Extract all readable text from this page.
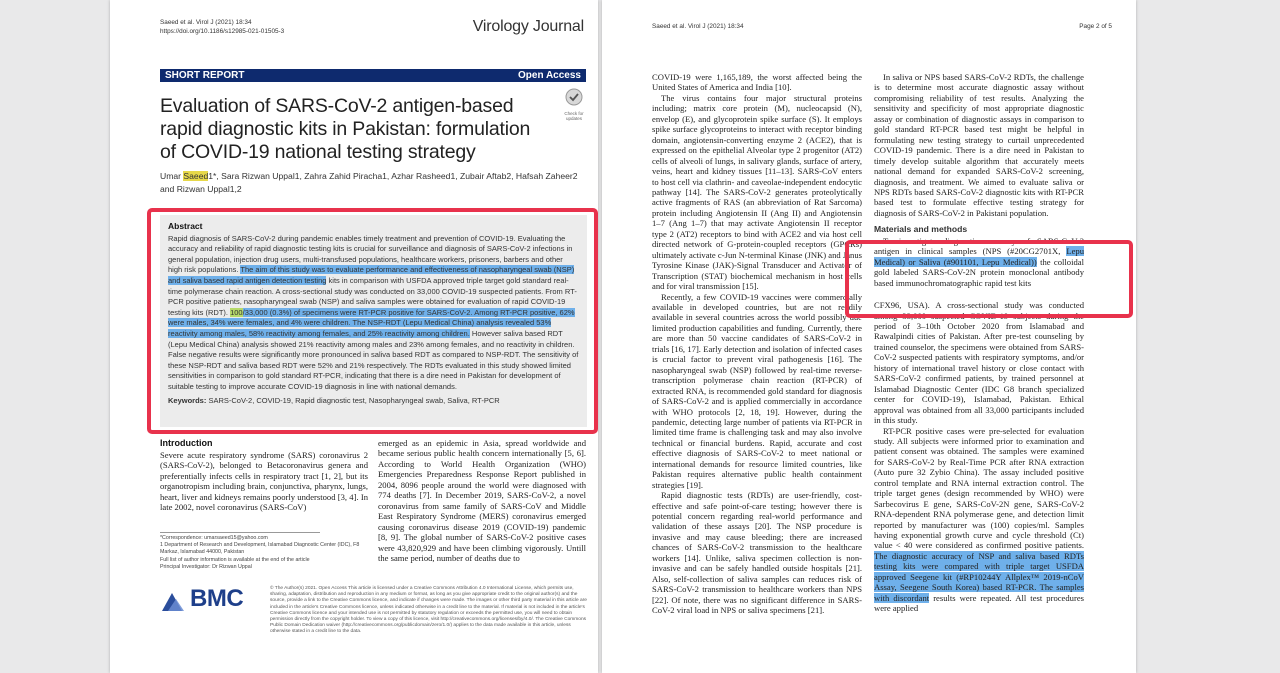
Saeed et al. Virol J (2021) 18:34
https://doi.org/10.1186/s12985-021-01505-3	Virology Journal
SHORT REPORT	Open Access
Check for updates
Evaluation of SARS-CoV-2 antigen-based rapid diagnostic kits in Pakistan: formulation of COVID-19 national testing strategy
Umar Saeed1*, Sara Rizwan Uppal1, Zahra Zahid Piracha1, Azhar Rasheed1, Zubair Aftab2, Hafsah Zaheer2 and Rizwan Uppal1,2
Abstract
Rapid diagnosis of SARS-CoV-2 during pandemic enables timely treatment and prevention of COVID-19. Evaluating the accuracy and reliability of rapid diagnostic testing kits is crucial for surveillance and diagnosis of SARS-CoV-2 infections in general population, injection drug users, multi-transfused populations, healthcare workers, prisoners, barbers and other high risk populations. The aim of this study was to evaluate performance and effectiveness of nasopharyngeal swab (NSP) and saliva based rapid antigen detection testing kits in comparison with USFDA approved triple target gold standard real-time polymerase chain reaction. A cross-sectional study was conducted on 33,000 COVID-19 suspected patients. From RT-PCR positive patients, nasopharyngeal swab (NSP) and saliva samples were obtained for evaluation of rapid COVID-19 testing kits (RDT). 100/33,000 (0.3%) of specimens were RT-PCR positive for SARS-CoV-2. Among RT-PCR positive, 62% were males, 34% were females, and 4% were children. The NSP-RDT (Lepu Medical China) analysis revealed 53% reactivity among males, 58% reactivity among females, and 25% reactivity among children. However saliva based RDT (Lepu Medical China) analysis showed 21% reactivity among males and 23% among females, and no reactivity in children. False negative results were significantly more pronounced in saliva based RDT as compared to NSP-RDT. The sensitivity of these NSP-RDT and saliva based RDT were 52% and 21% respectively. The RDTs evaluated in this study showed limited sensitivities in comparison to gold standard RT-PCR, indicating that there is a dire need in Pakistan for development of suitable testing to improve accurate COVID-19 diagnosis in line with national demands.
Keywords: SARS-CoV-2, COVID-19, Rapid diagnostic test, Nasopharyngeal swab, Saliva, RT-PCR
Introduction
Severe acute respiratory syndrome (SARS) coronavirus 2 (SARS-CoV-2), belonged to Betacoronavirus genera and preferentially infects cells in respiratory tract [1, 2], but its organotropism including brain, conjunctiva, pharynx, lungs, heart, liver and kidneys remains poorly understood [3, 4]. In late 2002, novel coronavirus (SARS-CoV)
emerged as an epidemic in Asia, spread worldwide and became serious public health concern internationally [5, 6]. According to World Health Organization (WHO) Emergencies Preparedness Response Report published in 2004, 8096 people around the world were diagnosed with 774 deaths [7]. In December 2019, SARS-CoV-2, a novel coronavirus from same family of SARS-CoV and Middle East Respiratory Syndrome (MERS) coronavirus emerged causing coronavirus disease 2019 (COVID-19) pandemic [8, 9]. The global number of SARS-CoV-2 positive cases were 43,820,929 and have been climbing vigorously. Untill the same period, number of deaths due to
*Correspondence: umarsaeed15@yahoo.com
1 Department of Research and Development, Islamabad Diagnostic Center (IDC), F8 Markaz, Islamabad 44000, Pakistan
Full list of author information is available at the end of the article
Principal Investigator: Dr Rizwan Uppal
BMC	© The Author(s) 2021. Open Access This article is licensed under a Creative Commons Attribution 4.0 International License, which permits use, sharing, adaptation, distribution and reproduction in any medium or format, as long as you give appropriate credit to the original author(s) and the source, provide a link to the Creative Commons licence, and indicate if changes were made. The images or other third party material in this article are included in the article's Creative Commons licence, unless indicated otherwise in a credit line to the material. If material is not included in the article's Creative Commons licence and your intended use is not permitted by statutory regulation or exceeds the permitted use, you will need to obtain permission directly from the copyright holder. To view a copy of this licence, visit http://creativecommons.org/licenses/by/4.0/. The Creative Commons Public Domain Dedication waiver (http://creativecommons.org/publicdomain/zero/1.0/) applies to the data made available in this article, unless otherwise stated in a credit line to the data.
Saeed et al. Virol J (2021) 18:34	Page 2 of 5

COVID-19 were 1,165,189, the worst affected being the United States of America and India [10].

The virus contains four major structural proteins including; matrix core protein (M), nucleocapsid (N), envelop (E), and glycoprotein spike surface (S). It employs spike surface glycoproteins to interact with receptor binding domain, angiotensin-converting enzyme 2 (ACE2), that is expressed on the epithelial Alveolar type 2 progenitor (AT2) cells of alveoli of lungs, in salivary glands, surface of artery, veins, heart and kidney tissues [11–13]. SARS-CoV enters to host cell via clathrin- and caveolae-independent endocytic pathway [14]. The SARS-CoV-2 generates proteolytically active fragments of RAS (an abbreviation of Rat Sarcoma) protein including Angiotensin II (Ang II) and Angiotensin 1–7 (Ang 1–7) that may activate Angiotensin II receptor type 2 (AT2) receptors to bind with ACE2 and via host cell directed network of G-protein-coupled receptors (GPCRs) ultimately activate c-Jun N-terminal Kinase (JNK) and Janus Tyrosine Kinase (JAK)-Signal Transducer and Activator of Transcription (STAT) biochemical mechanism in host cells and for viral transmission [15].

Recently, a few COVID-19 vaccines were commercially available in developed countries, but are not readily available in several countries across the world possibly due limited production capabilities and funding. Currently, there are more than 50 vaccine candidates of SARS-CoV-2 in trials [16, 17]. Early detection and isolation of infected cases is crucial factor to prevent viral pathogenesis [16]. The nasopharyngeal swab (NSP) followed by real-time reverse-transcription polymerase chain reaction (RT-PCR) of extracted RNA, is recommended gold standard for diagnosis of SARS-CoV-2 and is applied commercially in accordance with WHO protocols [2, 18, 19]. However, during the pandemic, detecting large number of patients via RT-PCR in limited time frame is challenging task and may also involve technical or financial burdens. Rapid, accurate and cost effective diagnosis of SARS-CoV-2 to meet national or international demands for resource limited countries, like Pakistan requires alternative public health containment strategies [19].

Rapid diagnostic tests (RDTs) are user-friendly, cost-effective and safe point-of-care testing; however there is potential concern regarding real-world performance and validation of these assays [20]. The NSP procedure is invasive and may cause bleeding; there are increased chances of SARS-CoV-2 transmission to the healthcare workers [14]. Unlike, saliva specimen collection is non-invasive and can be safely handled outside hospitals [21]. Also, self-collection of saliva samples can reduces risk of SARS-CoV-2 transmission to healthcare workers than NPS [22]. Of note, there was no significant difference in SARS-CoV-2 viral load in NPS or saliva specimens [21].

In saliva or NPS based SARS-CoV-2 RDTs, the challenge is to determine most accurate diagnostic assay without compromising reliability of test results. Analyzing the sensitivity and specificity of most appropriate diagnostic assay or combination of diagnostic assays in comparison to gold standard RT-PCR based test might be helpful in formulating new testing strategy to curtail unprecedented COVID-19 pandemic. There is a dire need in Pakistan to timely develop suitable algorithm that accurately meets national demand for expanded SARS-CoV-2 screening, diagnosis, and treatment. We aimed to evaluate saliva or NPS RDTs based SARS-CoV-2 diagnostic kits with RT-PCR based test to formulate effective testing strategy for diagnosis of SARS-CoV-2 in Pakistani population.

Materials and methods

To investigate diagnostic accuracy of SARS-CoV-2 antigen in clinical samples (NPS (#20CG2701X, Lepu Medical) or Saliva (#901101, Lepu Medical)) the colloidal gold labeled SARS-CoV-2N protein monoclonal antibody based immunochromatographic rapid test kits

CFX96, USA). A cross-sectional study was conducted among 33,000 suspected COVID-19 subjects during the period of 3–10th October 2020 from Islamabad and Rawalpindi cities of Pakistan. After pre-test counseling by trained counselor, the specimens were obtained from SARS-CoV-2 suspected patients with respiratory symptoms, and/or history of international travel history or close contact with SARS-CoV-2 confirmed patients, by trained personnel at Islamabad Diagnostic Center (IDC G8 branch specialized center for COVID-19), Islamabad, Pakistan. Ethical approval was obtained from all 33,000 participants included in this study.

RT-PCR positive cases were pre-selected for evaluation study. All subjects were informed prior to examination and patient consent was obtained. The samples were examined for SARS-CoV-2 by Real-Time PCR after RNA extraction (Auto pure 32 Zybio China). The assay included positive control template and RNA internal extraction control. The triple target genes (design recommended by WHO) were Sarbecovirus E gene, SARS-CoV-2N gene, SARS-CoV-2 RNA-dependent RNA polymerase gene, and detection limit reported by manufacturer was (100) copies/ml. Samples having exponential growth curve and cycle threshold (Ct) value < 40 were considered as confirmed positive patients. The diagnostic accuracy of NSP and saliva based RDTs testing kits were compared with triple target USFDA approved Seegene kit (#RP10244Y Allplex™ 2019-nCoV Assay, Seegene South Korea) based RT-PCR. The samples with discordant results were repeated. All test procedures were applied
